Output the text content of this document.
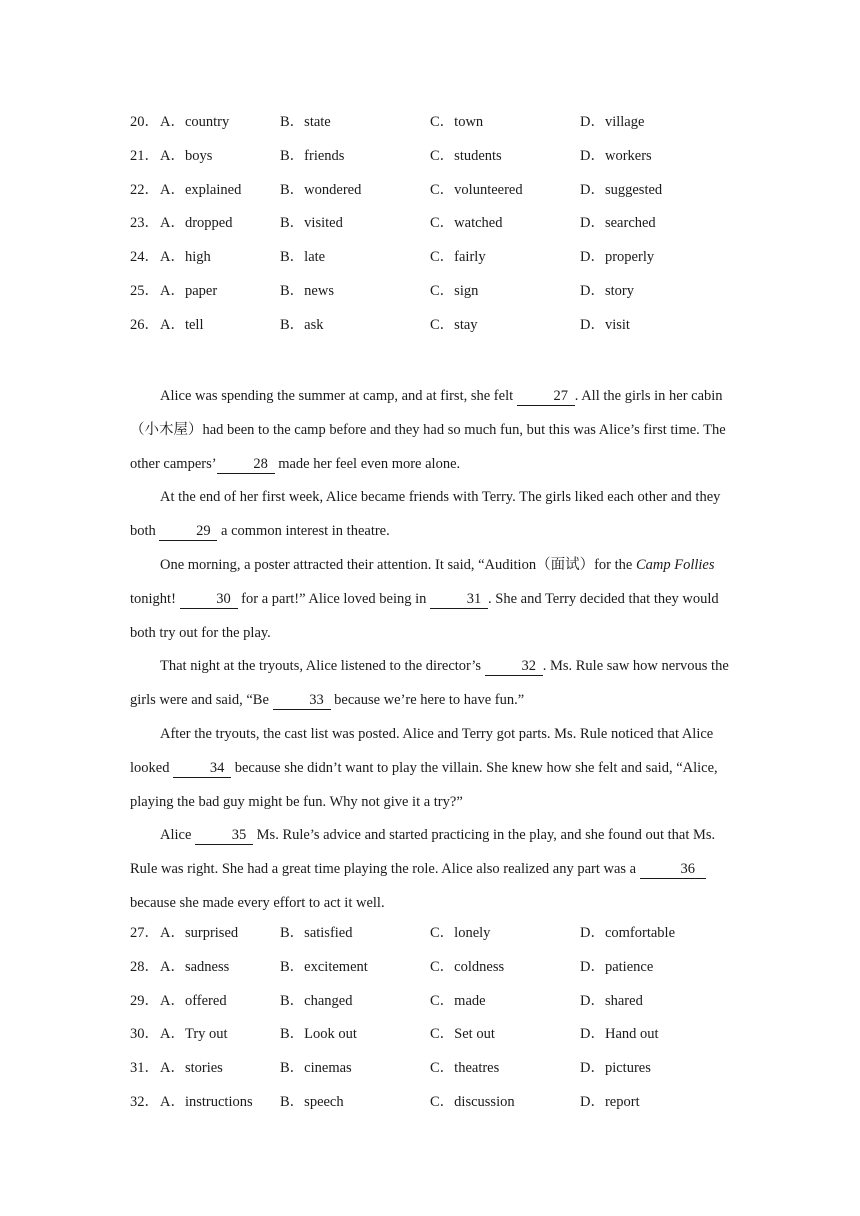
20． A．country	B．state	C．town	D．village
21． A．boys	B．friends	C．students	D．workers
22． A．explained	B．wondered	C．volunteered	D．suggested
23． A．dropped	B．visited	C．watched	D．searched
24． A．high	B．late	C．fairly	D．properly
25． A．paper	B．news	C．sign	D．story
26． A．tell	B．ask	C．stay	D．visit

Alice was spending the summer at camp, and at first, she felt	27 . All the girls in her cabin（小木屋）had been to the camp before and they had so much fun, but this was Alice’s first time. The other campers’	28 made her feel even more alone.

At the end of her first week, Alice became friends with Terry. The girls liked each other and they both	29 a common interest in theatre.

One morning, a poster attracted their attention. It said, “Audition（面试）for the Camp Follies tonight!	30 for a part!” Alice loved being in	31 . She and Terry decided that they would both try out for the play.

That night at the tryouts, Alice listened to the director’s	32 . Ms. Rule saw how nervous the girls were and said, “Be	33 because we’re here to have fun.”

After the tryouts, the cast list was posted. Alice and Terry got parts. Ms. Rule noticed that Alice looked	34 because she didn’t want to play the villain. She knew how she felt and said, “Alice, playing the bad guy might be fun. Why not give it a try?”

Alice	35 Ms. Rule’s advice and started practicing in the play, and she found out that Ms. Rule was right. She had a great time playing the role. Alice also realized any part was a	36 because she made every effort to act it well.

27． A．surprised	B．satisfied	C．lonely	D．comfortable
28． A．sadness	B．excitement	C．coldness	D．patience
29． A．offered	B．changed	C．made	D．shared
30． A．Try out	B．Look out	C．Set out	D．Hand out
31． A．stories	B．cinemas	C．theatres	D．pictures
32． A．instructions B．speech	C．discussion	D．report
